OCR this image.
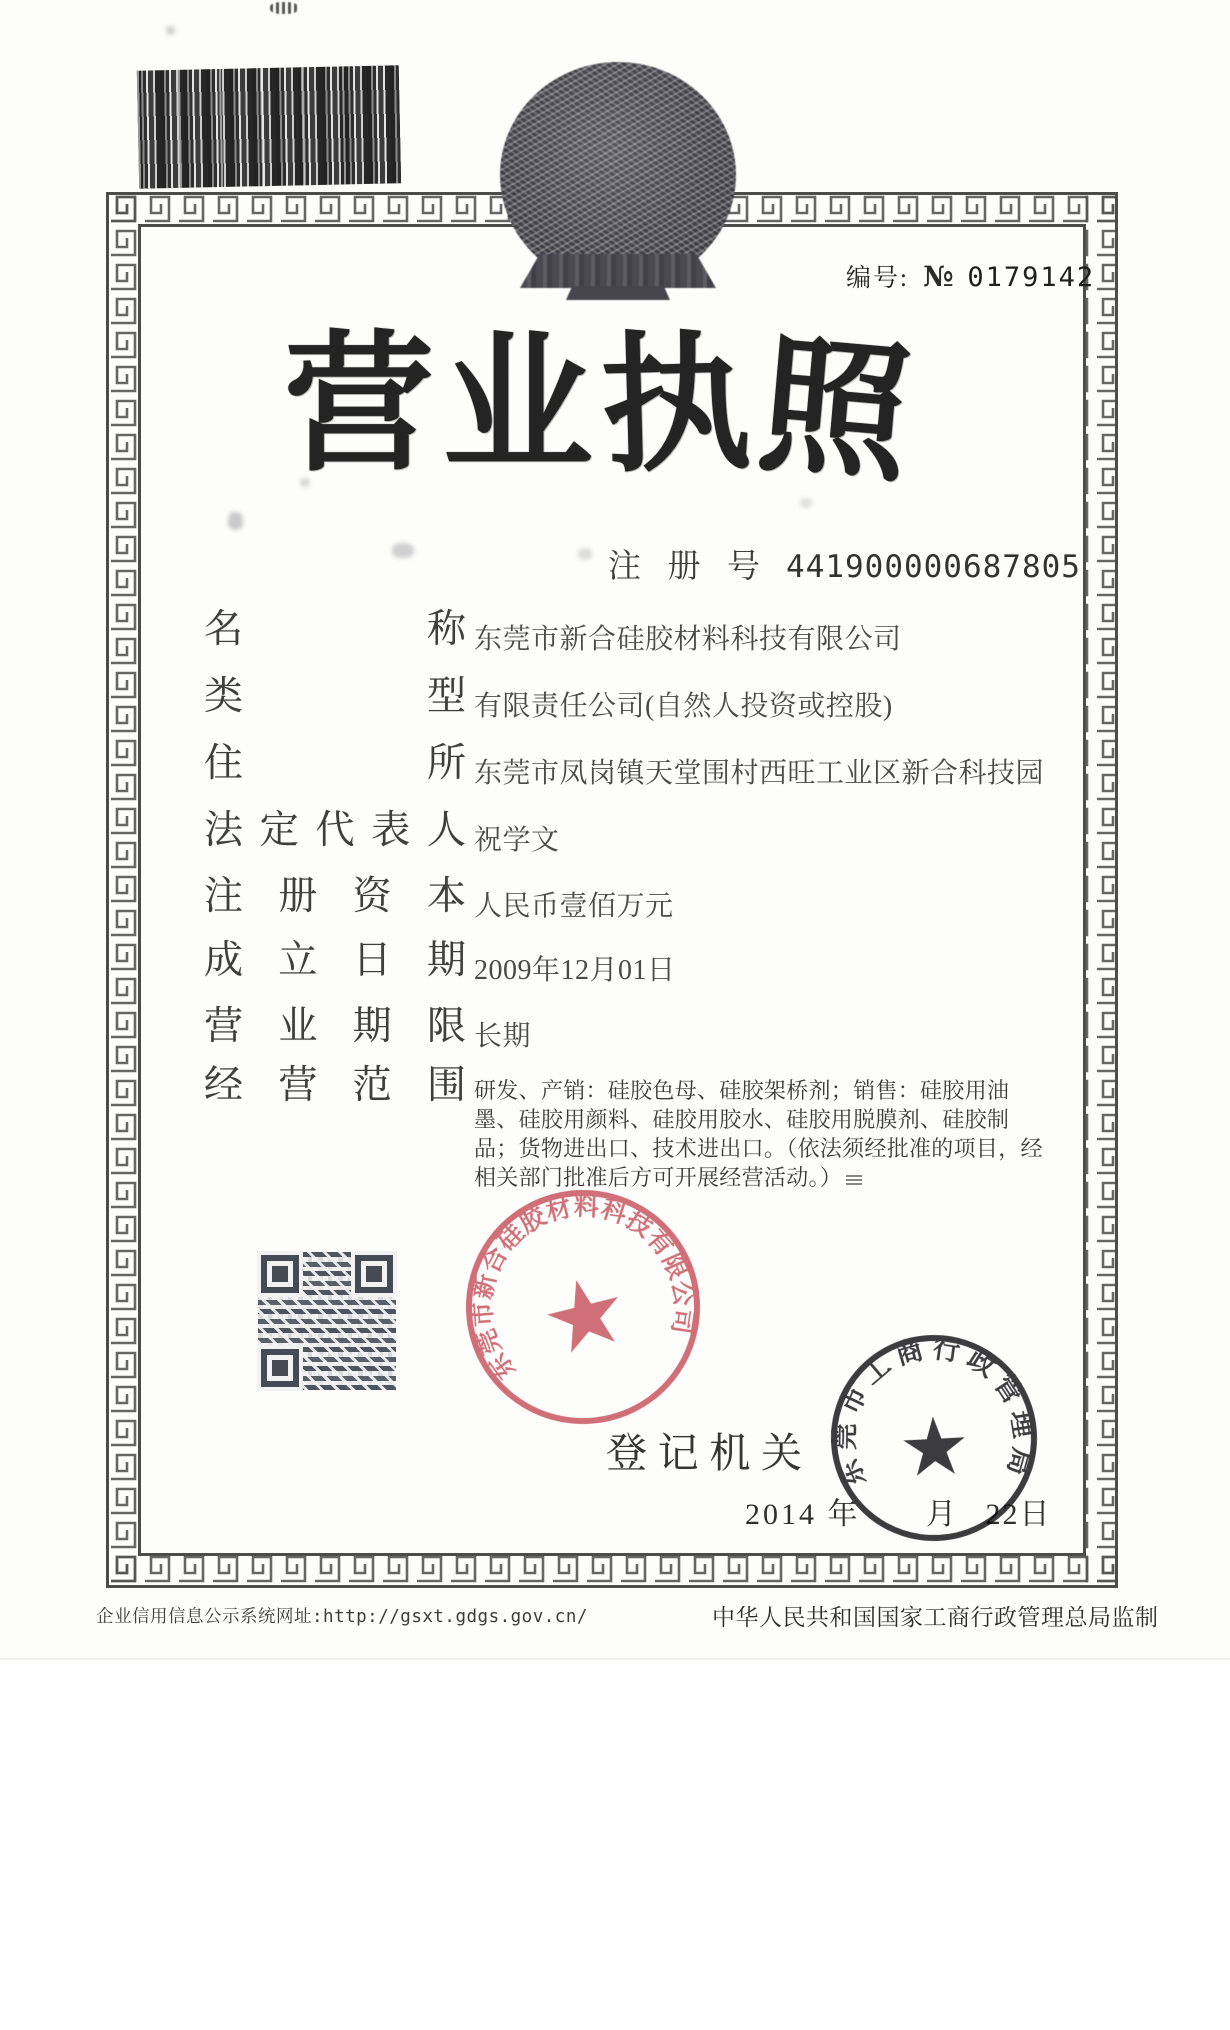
编号: № 0179142
营 业 执
照
注 册 号 441900000687805
名	称 东莞市新合硅胶材料科技有限公司
类	型 有限责任公司(自然人投资或控股)
住	所 东莞市凤岗镇天堂围村西旺工业区新合科技园
法 定 代 表 人 祝学文
注 册 资 本 人民币壹佰万元
成 立 日 期 2009年12月01日
营 业 期 限 长期
经 营 范 围 研发、产销：硅胶色母、硅胶架桥剂；销售：硅胶用油墨、硅胶用颜料、硅胶用胶水、硅胶用脱膜剂、硅胶制品；货物进出口、技术进出口。（依法须经批准的项目，经相关部门批准后方可开展经营活动。）
东莞市新合硅胶材料科技有限公司
★
登 记 机 关
2014 年 月 22日
东莞市工商行政管理局
★
企业信用信息公示系统网址:http://gsxt.gdgs.gov.cn/	中华人民共和国国家工商行政管理总局监制
